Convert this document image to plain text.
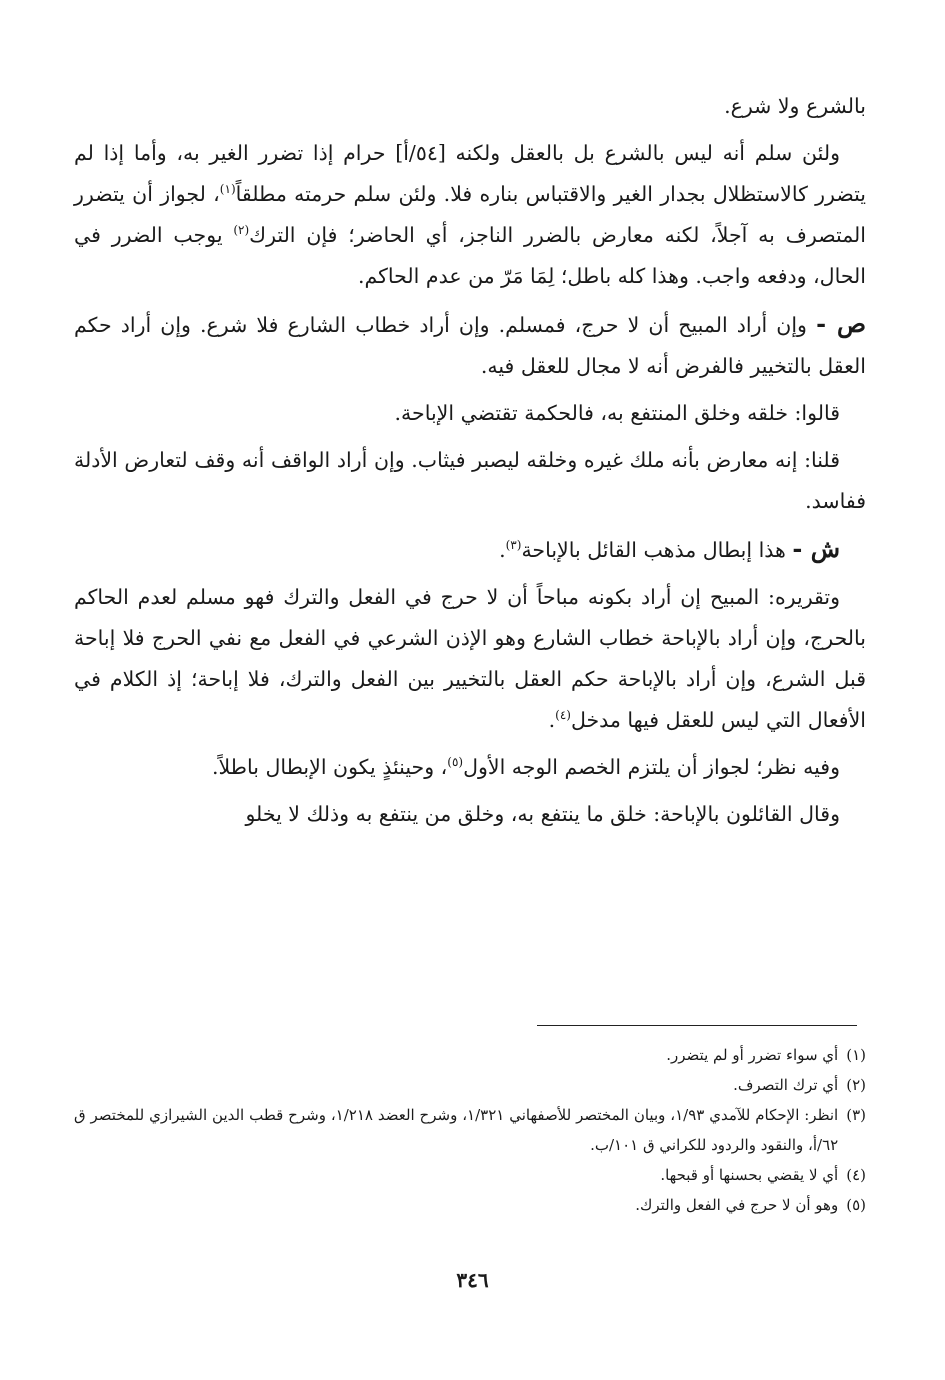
بالشرع ولا شرع.

ولئن سلم أنه ليس بالشرع بل بالعقل ولكنه [٥٤/أ] حرام إذا تضرر الغير به، وأما إذا لم يتضرر كالاستظلال بجدار الغير والاقتباس بناره فلا. ولئن سلم حرمته مطلقاً$^{(١)}$، لجواز أن يتضرر المتصرف به آجلاً، لكنه معارض بالضرر الناجز، أي الحاضر؛ فإن الترك$^{(٢)}$ يوجب الضرر في الحال، ودفعه واجب. وهذا كله باطل؛ لِمَا مَرّ من عدم الحاكم.

ص - وإن أراد المبيح أن لا حرج، فمسلم. وإن أراد خطاب الشارع فلا شرع. وإن أراد حكم العقل بالتخيير فالفرض أنه لا مجال للعقل فيه.

قالوا: خلقه وخلق المنتفع به، فالحكمة تقتضي الإباحة.

قلنا: إنه معارض بأنه ملك غيره وخلقه ليصبر فيثاب. وإن أراد الواقف أنه وقف لتعارض الأدلة ففاسد.

ش - هذا إبطال مذهب القائل بالإباحة$^{(٣)}$.

وتقريره: المبيح إن أراد بكونه مباحاً أن لا حرج في الفعل والترك فهو مسلم لعدم الحاكم بالحرج، وإن أراد بالإباحة خطاب الشارع وهو الإذن الشرعي في الفعل مع نفي الحرج فلا إباحة قبل الشرع، وإن أراد بالإباحة حكم العقل بالتخيير بين الفعل والترك، فلا إباحة؛ إذ الكلام في الأفعال التي ليس للعقل فيها مدخل$^{(٤)}$.

وفيه نظر؛ لجواز أن يلتزم الخصم الوجه الأول$^{(٥)}$، وحينئذٍ يكون الإبطال باطلاً.

وقال القائلون بالإباحة: خلق ما ينتفع به، وخلق من ينتفع به وذلك لا يخلو

(١)
أي سواء تضرر أو لم يتضرر.
(٢)
أي ترك التصرف.
(٣)
انظر: الإحكام للآمدي ١/٩٣، وبيان المختصر للأصفهاني ١/٣٢١، وشرح العضد ١/٢١٨، وشرح قطب الدين الشيرازي للمختصر ق ٦٢/أ، والنقود والردود للكراني ق ١٠١/ب.
(٤)
أي لا يقضي بحسنها أو قبحها.
(٥)
وهو أن لا حرج في الفعل والترك.
٣٤٦
